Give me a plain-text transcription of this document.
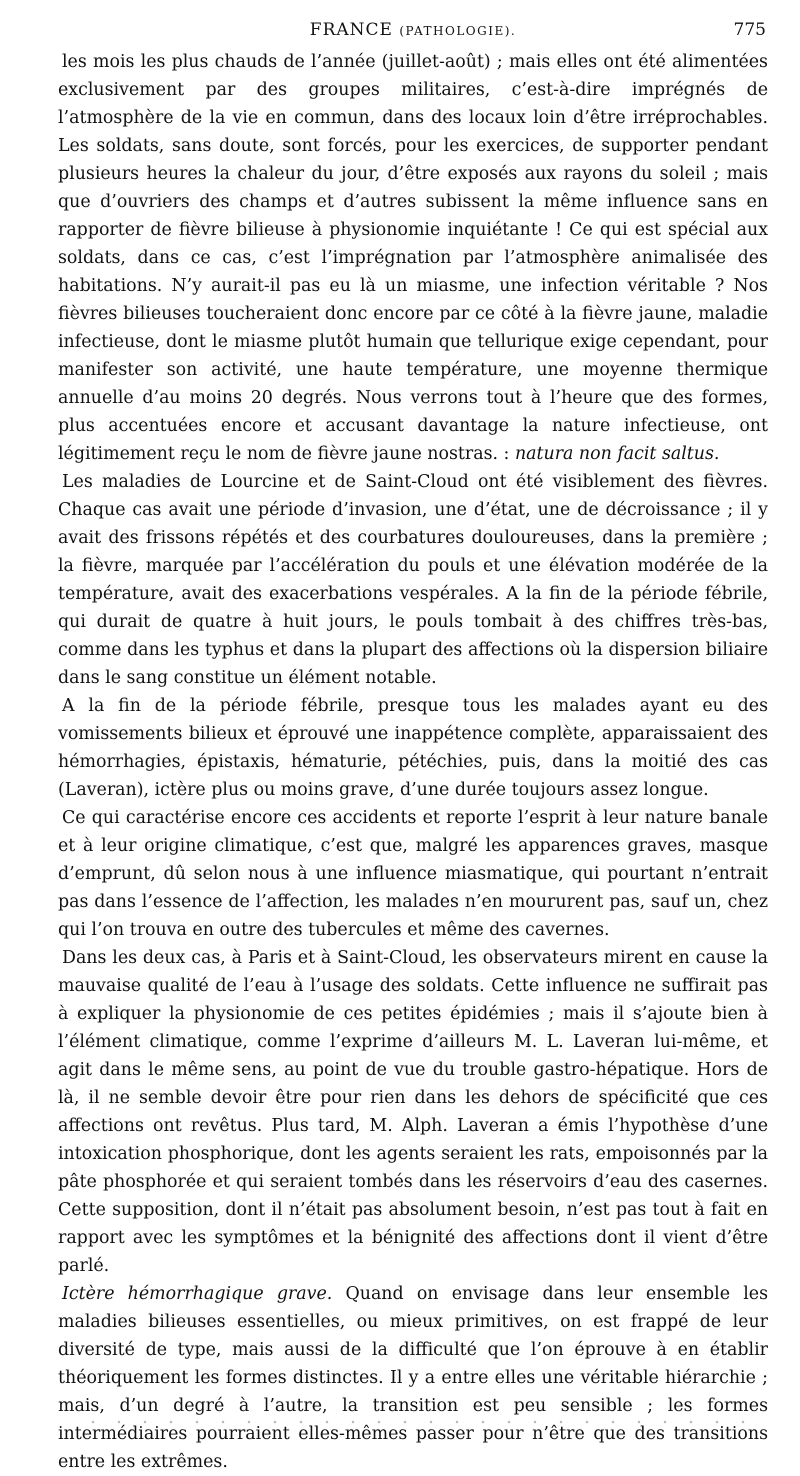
FRANCE (PATHOLOGIE).	775

les mois les plus chauds de l’année (juillet-août) ; mais elles ont été alimentées exclusivement par des groupes militaires, c’est-à-dire imprégnés de l’atmosphère de la vie en commun, dans des locaux loin d’être irréprochables. Les soldats, sans doute, sont forcés, pour les exercices, de supporter pendant plusieurs heures la chaleur du jour, d’être exposés aux rayons du soleil ; mais que d’ouvriers des champs et d’autres subissent la même influence sans en rapporter de fièvre bilieuse à physionomie inquiétante ! Ce qui est spécial aux soldats, dans ce cas, c’est l’imprégnation par l’atmosphère animalisée des habitations. N’y aurait-il pas eu là un miasme, une infection véritable ? Nos fièvres bilieuses toucheraient donc encore par ce côté à la fièvre jaune, maladie infectieuse, dont le miasme plutôt humain que tellurique exige cependant, pour manifester son activité, une haute température, une moyenne thermique annuelle d’au moins 20 degrés. Nous verrons tout à l’heure que des formes, plus accentuées encore et accusant davantage la nature infectieuse, ont légitimement reçu le nom de fièvre jaune nostras. : natura non facit saltus.

Les maladies de Lourcine et de Saint-Cloud ont été visiblement des fièvres. Chaque cas avait une période d’invasion, une d’état, une de décroissance ; il y avait des frissons répétés et des courbatures douloureuses, dans la première ; la fièvre, marquée par l’accélération du pouls et une élévation modérée de la température, avait des exacerbations vespérales. A la fin de la période fébrile, qui durait de quatre à huit jours, le pouls tombait à des chiffres très-bas, comme dans les typhus et dans la plupart des affections où la dispersion biliaire dans le sang constitue un élément notable.

A la fin de la période fébrile, presque tous les malades ayant eu des vomissements bilieux et éprouvé une inappétence complète, apparaissaient des hémorrhagies, épistaxis, hématurie, pétéchies, puis, dans la moitié des cas (Laveran), ictère plus ou moins grave, d’une durée toujours assez longue.

Ce qui caractérise encore ces accidents et reporte l’esprit à leur nature banale et à leur origine climatique, c’est que, malgré les apparences graves, masque d’emprunt, dû selon nous à une influence miasmatique, qui pourtant n’entrait pas dans l’essence de l’affection, les malades n’en moururent pas, sauf un, chez qui l’on trouva en outre des tubercules et même des cavernes.

Dans les deux cas, à Paris et à Saint-Cloud, les observateurs mirent en cause la mauvaise qualité de l’eau à l’usage des soldats. Cette influence ne suffirait pas à expliquer la physionomie de ces petites épidémies ; mais il s’ajoute bien à l’élément climatique, comme l’exprime d’ailleurs M. L. Laveran lui-même, et agit dans le même sens, au point de vue du trouble gastro-hépatique. Hors de là, il ne semble devoir être pour rien dans les dehors de spécificité que ces affections ont revêtus. Plus tard, M. Alph. Laveran a émis l’hypothèse d’une intoxication phosphorique, dont les agents seraient les rats, empoisonnés par la pâte phosphorée et qui seraient tombés dans les réservoirs d’eau des casernes. Cette supposition, dont il n’était pas absolument besoin, n’est pas tout à fait en rapport avec les symptômes et la bénignité des affections dont il vient d’être parlé.

Ictère hémorrhagique grave. Quand on envisage dans leur ensemble les maladies bilieuses essentielles, ou mieux primitives, on est frappé de leur diversité de type, mais aussi de la difficulté que l’on éprouve à en établir théoriquement les formes distinctes. Il y a entre elles une véritable hiérarchie ; mais, d’un degré à l’autre, la transition est peu sensible ; les formes intermédiaires pourraient elles-mêmes passer pour n’être que des transitions entre les extrêmes.
